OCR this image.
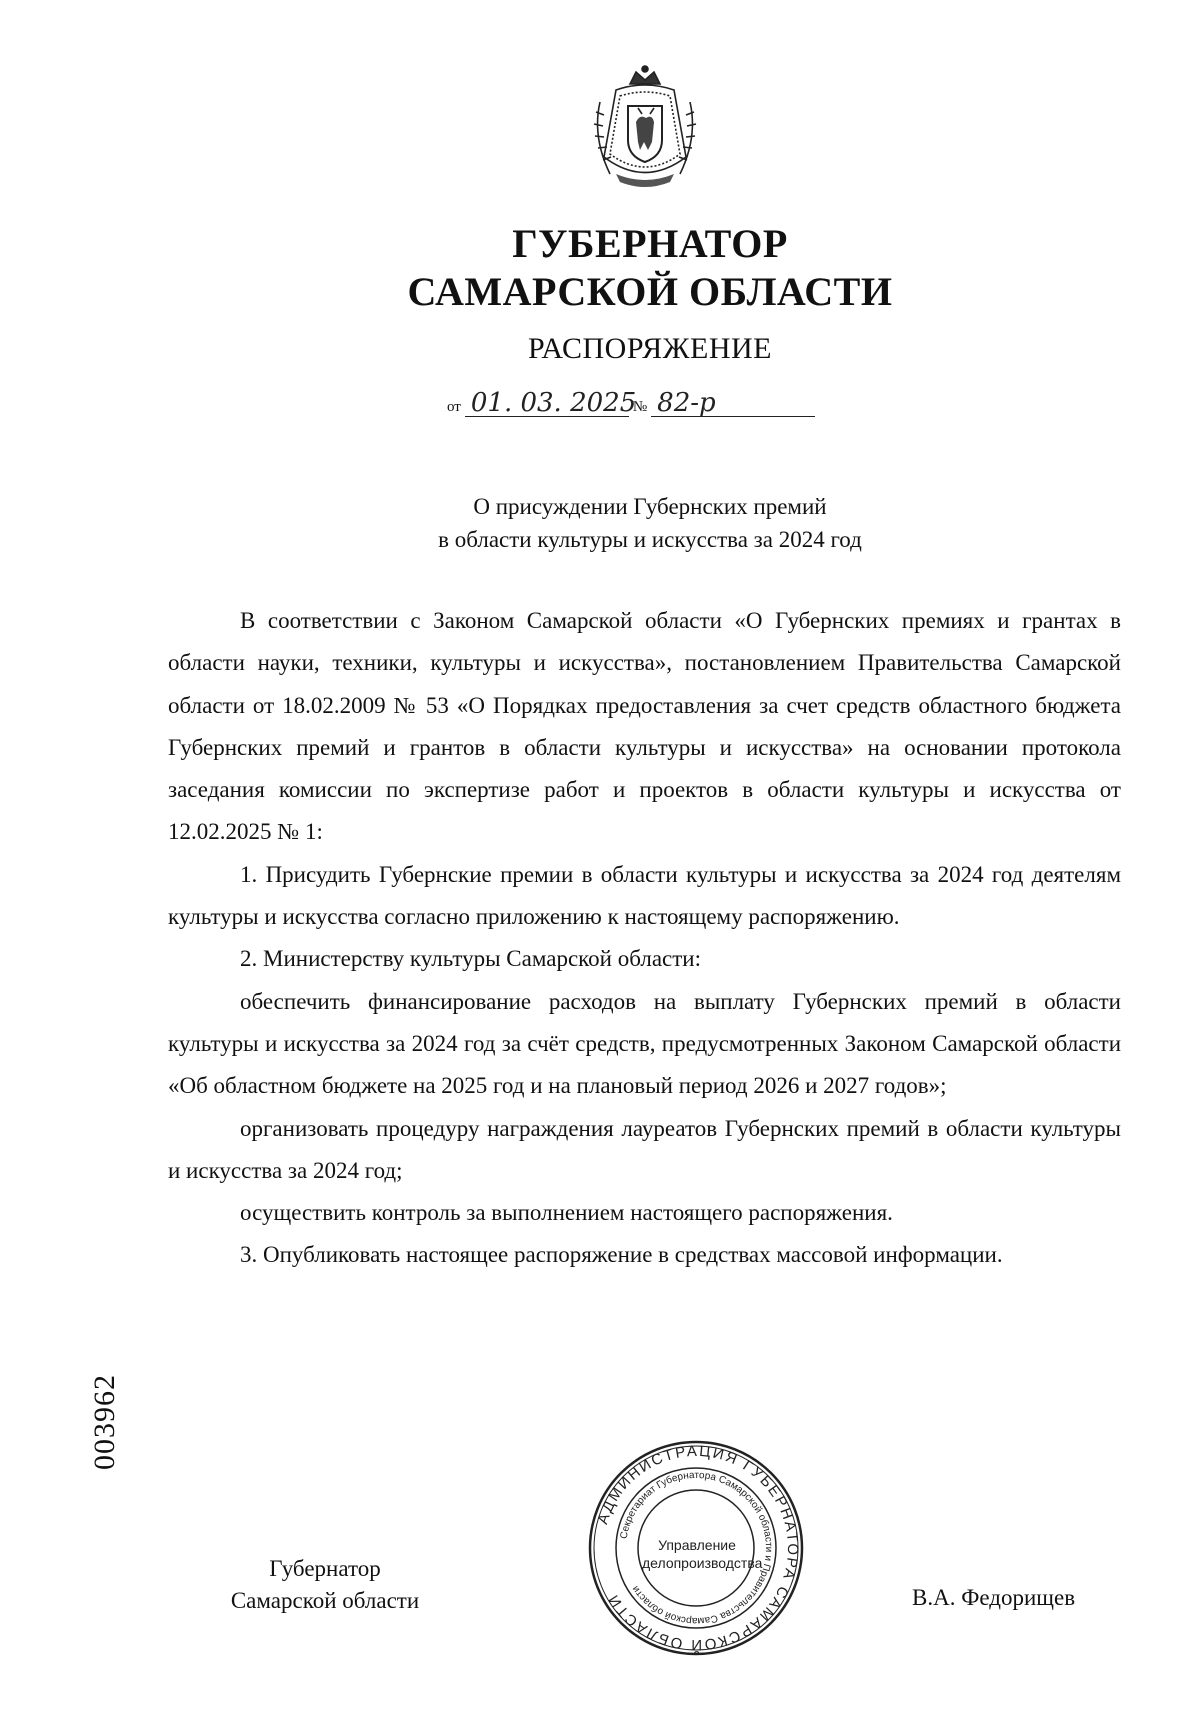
ГУБЕРНАТОР
САМАРСКОЙ ОБЛАСТИ
РАСПОРЯЖЕНИЕ
от 01. 03. 2025 № 82-р
О присуждении Губернских премий
в области культуры и искусства за 2024 год

В соответствии с Законом Самарской области «О Губернских премиях и грантах в области науки, техники, культуры и искусства», постановлением Правительства Самарской области от 18.02.2009 № 53 «О Порядках предоставления за счет средств областного бюджета Губернских премий и грантов в области культуры и искусства» на основании протокола заседания комиссии по экспертизе работ и проектов в области культуры и искусства от 12.02.2025 № 1:

1. Присудить Губернские премии в области культуры и искусства за 2024 год деятелям культуры и искусства согласно приложению к настоящему распоряжению.

2. Министерству культуры Самарской области:

обеспечить финансирование расходов на выплату Губернских премий в области культуры и искусства за 2024 год за счёт средств, предусмотренных Законом Самарской области «Об областном бюджете на 2025 год и на плановый период 2026 и 2027 годов»;

организовать процедуру награждения лауреатов Губернских премий в области культуры и искусства за 2024 год;

осуществить контроль за выполнением настоящего распоряжения.

3. Опубликовать настоящее распоряжение в средствах массовой информации.

003962
Губернатор
Самарской области
АДМИНИСТРАЦИЯ ГУБЕРНАТОРА САМАРСКОЙ ОБЛАСТИ
Секретариат Губернатора Самарской области и Правительства Самарской области
Управление
делопроизводства
В.А. Федорищев
